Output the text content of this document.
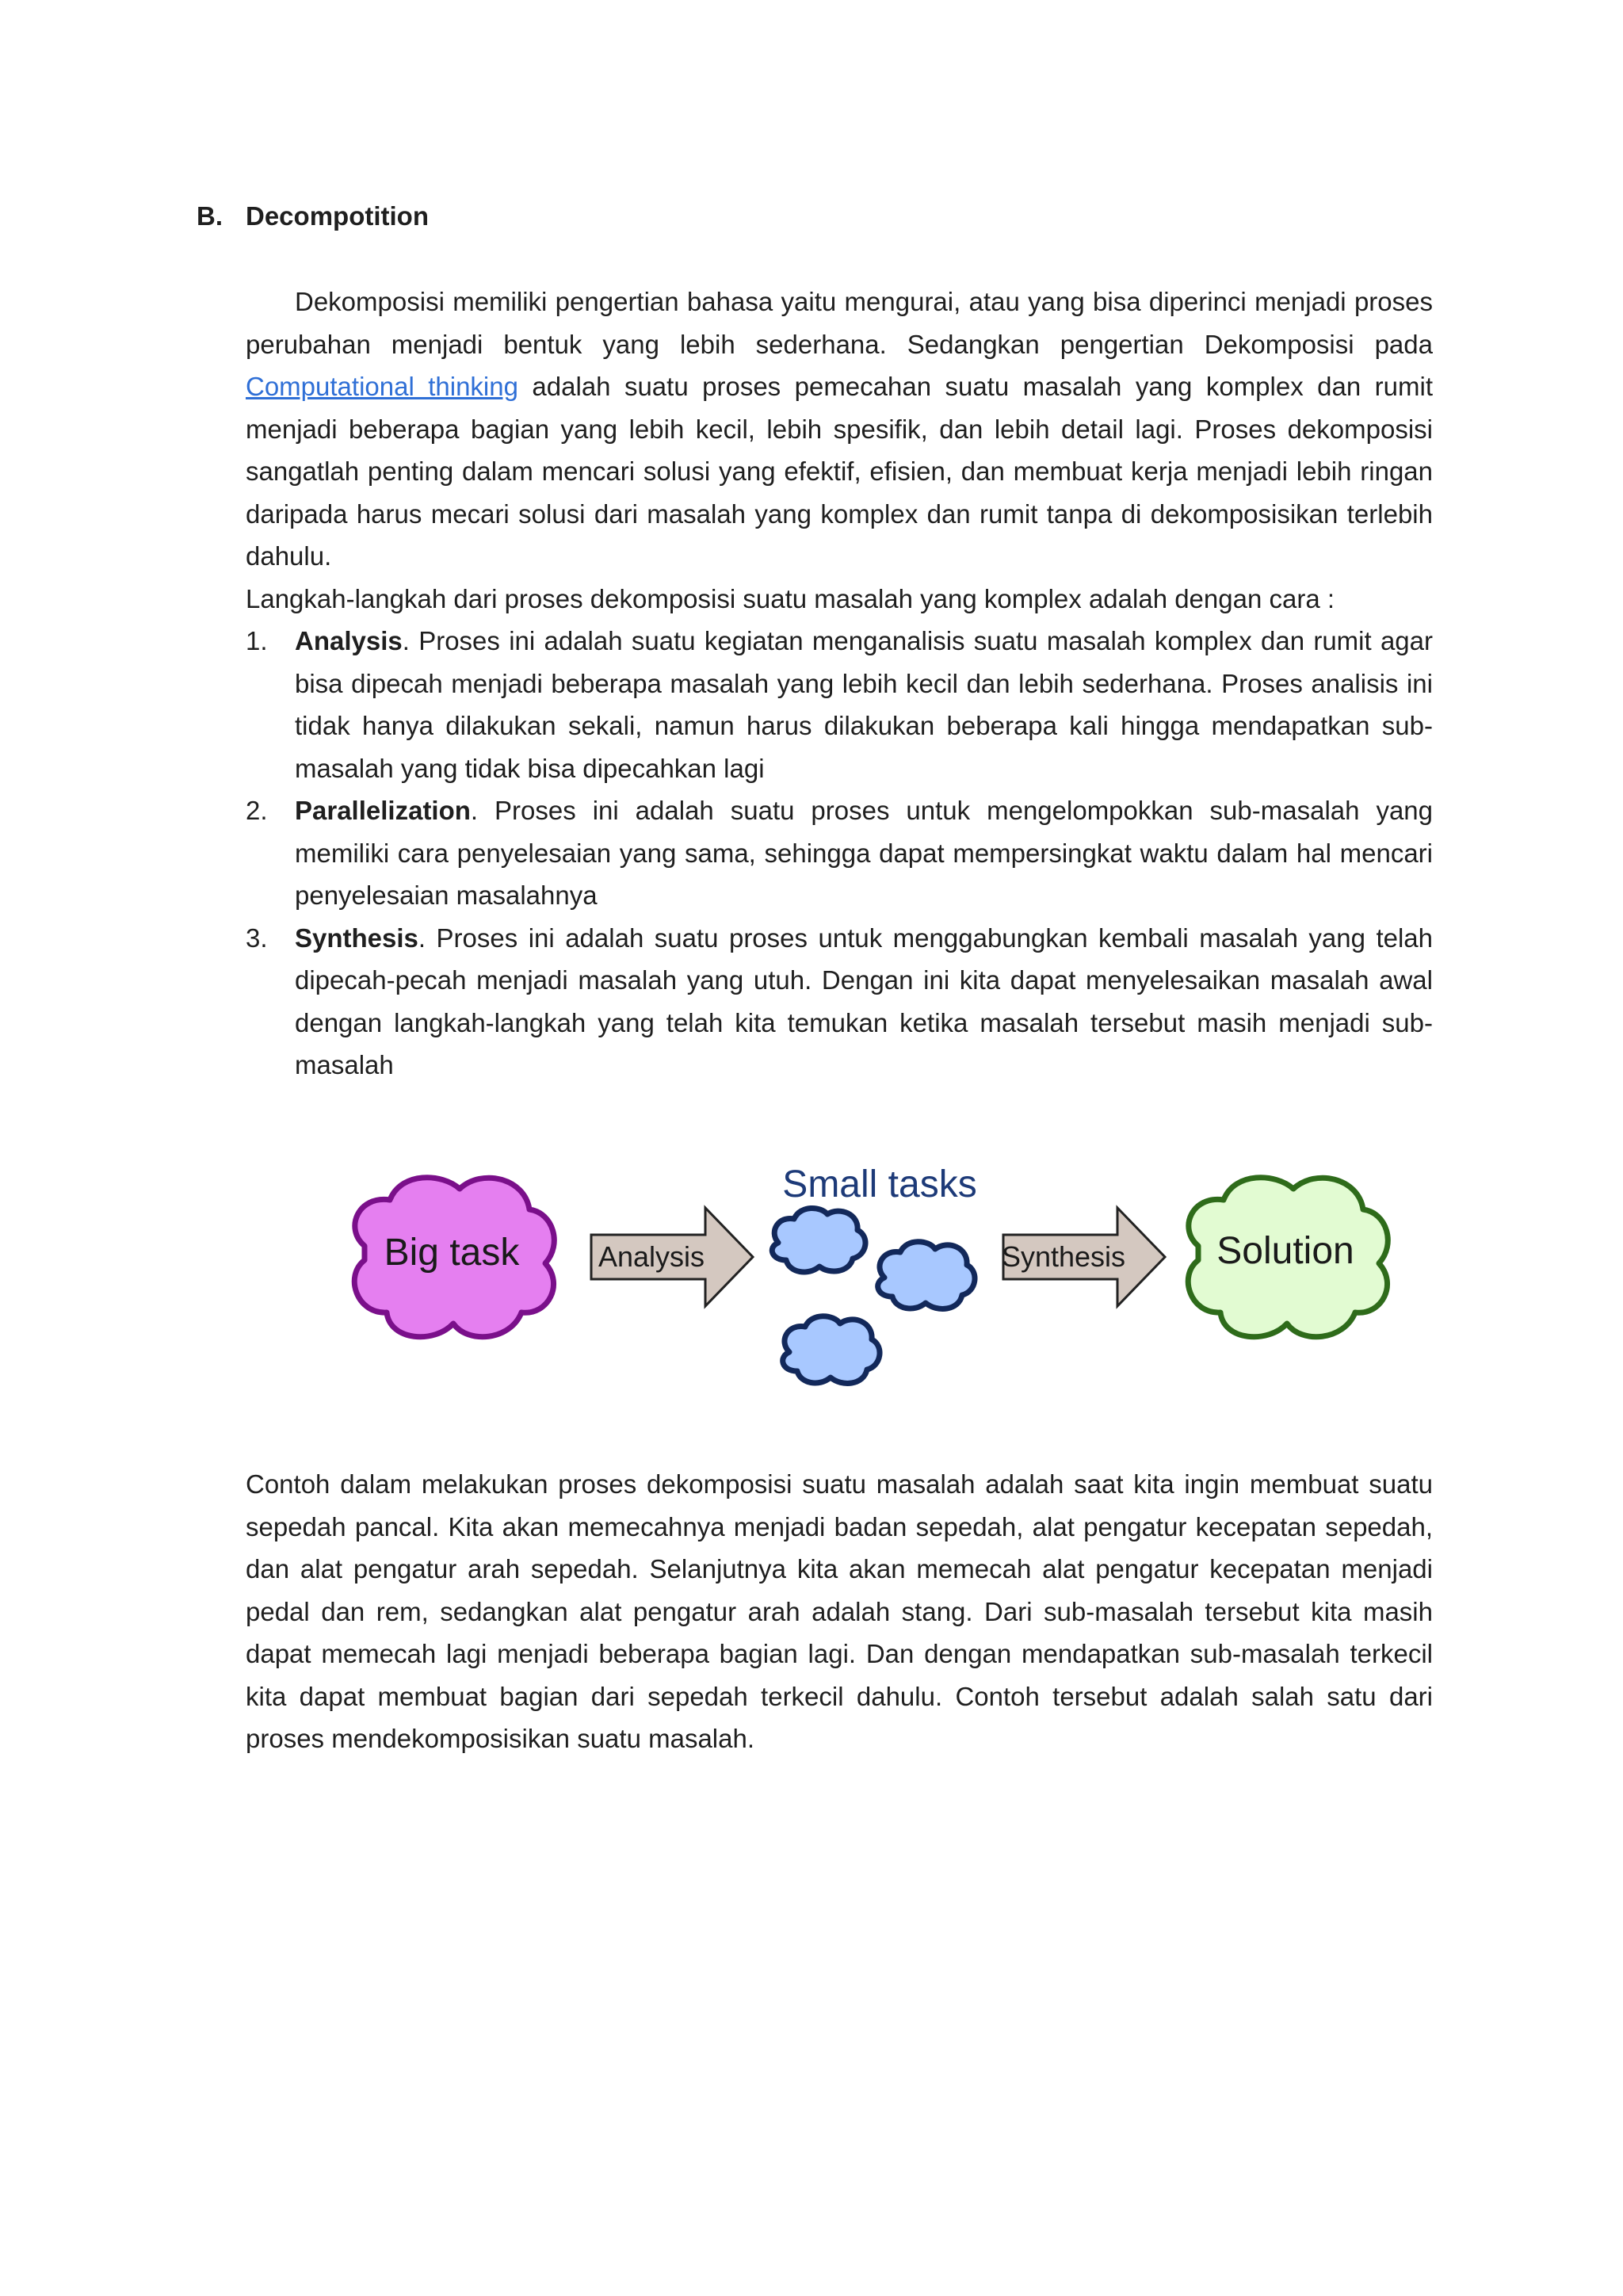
B. Decompotition

Dekomposisi memiliki pengertian bahasa yaitu mengurai, atau yang bisa diperinci menjadi proses perubahan menjadi bentuk yang lebih sederhana. Sedangkan pengertian Dekomposisi pada Computational thinking adalah suatu proses pemecahan suatu masalah yang komplex dan rumit menjadi beberapa bagian yang lebih kecil, lebih spesifik, dan lebih detail lagi. Proses dekomposisi sangatlah penting dalam mencari solusi yang efektif, efisien, dan membuat kerja menjadi lebih ringan daripada harus mecari solusi dari masalah yang komplex dan rumit tanpa di dekomposisikan terlebih dahulu.

Langkah-langkah dari proses dekomposisi suatu masalah yang komplex adalah dengan cara :

1. Analysis. Proses ini adalah suatu kegiatan menganalisis suatu masalah komplex dan rumit agar bisa dipecah menjadi beberapa masalah yang lebih kecil dan lebih sederhana. Proses analisis ini tidak hanya dilakukan sekali, namun harus dilakukan beberapa kali hingga mendapatkan sub-masalah yang tidak bisa dipecahkan lagi
2. Parallelization. Proses ini adalah suatu proses untuk mengelompokkan sub-masalah yang memiliki cara penyelesaian yang sama, sehingga dapat mempersingkat waktu dalam hal mencari penyelesaian masalahnya
3. Synthesis. Proses ini adalah suatu proses untuk menggabungkan kembali masalah yang telah dipecah-pecah menjadi masalah yang utuh. Dengan ini kita dapat menyelesaikan masalah awal dengan langkah-langkah yang telah kita temukan ketika masalah tersebut masih menjadi sub-masalah
Big task	Analysis
Small tasks
Synthesis Solution

Contoh dalam melakukan proses dekomposisi suatu masalah adalah saat kita ingin membuat suatu sepedah pancal. Kita akan memecahnya menjadi badan sepedah, alat pengatur kecepatan sepedah, dan alat pengatur arah sepedah. Selanjutnya kita akan memecah alat pengatur kecepatan menjadi pedal dan rem, sedangkan alat pengatur arah adalah stang. Dari sub-masalah tersebut kita masih dapat memecah lagi menjadi beberapa bagian lagi. Dan dengan mendapatkan sub-masalah terkecil kita dapat membuat bagian dari sepedah terkecil dahulu. Contoh tersebut adalah salah satu dari proses mendekomposisikan suatu masalah.
